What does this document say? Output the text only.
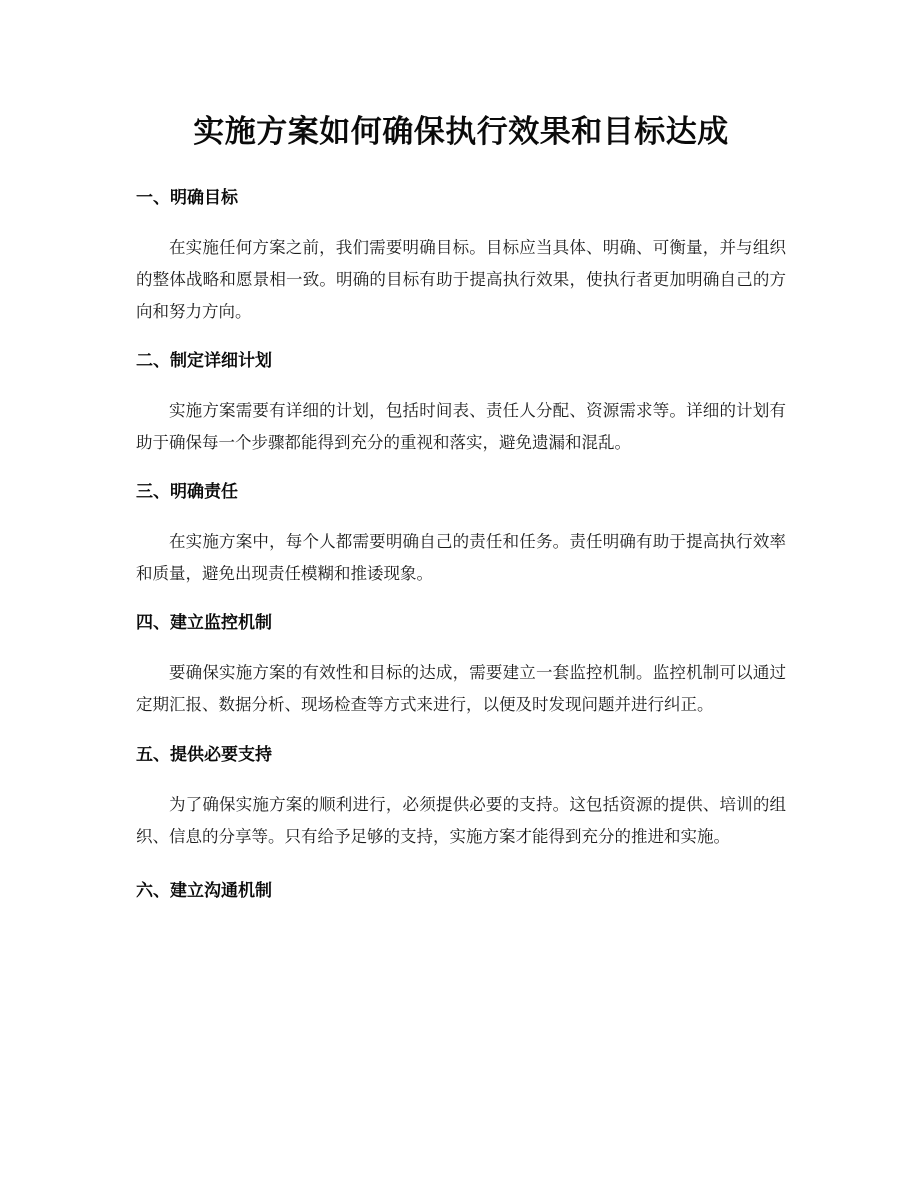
实施方案如何确保执行效果和目标达成
一、明确目标

在实施任何方案之前，我们需要明确目标。目标应当具体、明确、可衡量，并与组织的整体战略和愿景相一致。明确的目标有助于提高执行效果，使执行者更加明确自己的方向和努力方向。

二、制定详细计划

实施方案需要有详细的计划，包括时间表、责任人分配、资源需求等。详细的计划有助于确保每一个步骤都能得到充分的重视和落实，避免遗漏和混乱。

三、明确责任

在实施方案中，每个人都需要明确自己的责任和任务。责任明确有助于提高执行效率和质量，避免出现责任模糊和推诿现象。

四、建立监控机制

要确保实施方案的有效性和目标的达成，需要建立一套监控机制。监控机制可以通过定期汇报、数据分析、现场检查等方式来进行，以便及时发现问题并进行纠正。

五、提供必要支持

为了确保实施方案的顺利进行，必须提供必要的支持。这包括资源的提供、培训的组织、信息的分享等。只有给予足够的支持，实施方案才能得到充分的推进和实施。

六、建立沟通机制
